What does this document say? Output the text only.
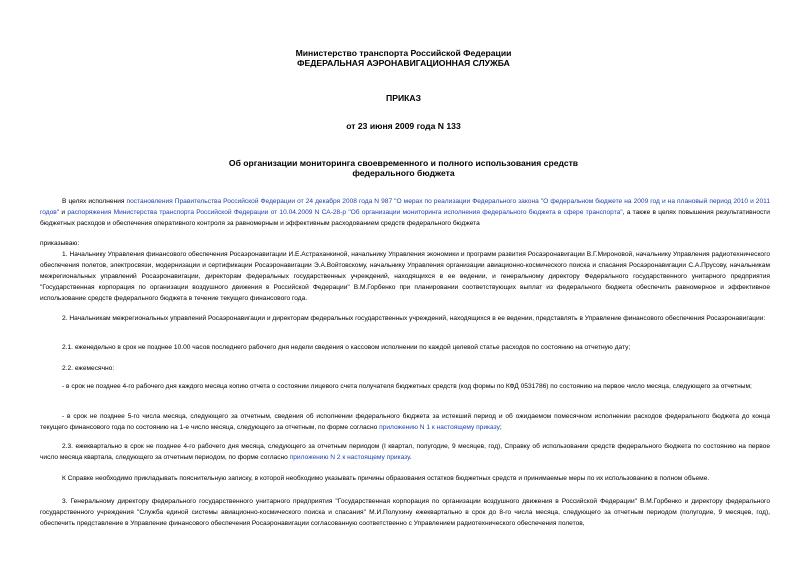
Министерство транспорта Российской Федерации
ФЕДЕРАЛЬНАЯ АЭРОНАВИГАЦИОННАЯ СЛУЖБА
ПРИКАЗ
от 23 июня 2009 года N 133
Об организации мониторинга своевременного и полного использования средств
федерального бюджета
В целях исполнения постановления Правительства Российской Федерации от 24 декабря 2008 года N 987 "О мерах по реализации Федерального закона "О федеральном бюджете на 2009 год и на плановый период 2010 и 2011 годов" и распоряжения Министерства транспорта Российской Федерации от 10.04.2009 N СА-28-р "Об организации мониторинга исполнения федерального бюджета в сфере транспорта", а также в целях повышения результативности бюджетных расходов и обеспечения оперативного контроля за равномерным и эффективным расходованием средств федерального бюджета
приказываю:
1. Начальнику Управления финансового обеспечения Росаэронавигации И.Е.Астраханкиной, начальнику Управления экономики и программ развития Росаэронавигации В.Г.Мироновой, начальнику Управления радиотехнического обеспечения полетов, электросвязи, модернизации и сертификации Росаэронавигации Э.А.Войтовскому, начальнику Управления организации авиационно-космического поиска и спасания Росаэронавигации С.А.Прусову, начальникам межрегиональных управлений Росаэронавигации, директорам федеральных государственных учреждений, находящихся в ее ведении, и генеральному директору Федерального государственного унитарного предприятия "Государственная корпорация по организации воздушного движения в Российской Федерации" В.М.Горбенко при планировании соответствующих выплат из федерального бюджета обеспечить равномерное и эффективное использование средств федерального бюджета в течение текущего финансового года.
2. Начальникам межрегиональных управлений Росаэронавигации и директорам федеральных государственных учреждений, находящихся в ее ведении, представлять в Управление финансового обеспечения Росаэронавигации:
2.1. еженедельно в срок не позднее 10.00 часов последнего рабочего дня недели сведения о кассовом исполнении по каждой целевой статье расходов по состоянию на отчетную дату;
2.2. ежемесячно:
- в срок не позднее 4-го рабочего дня каждого месяца копию отчета о состоянии лицевого счета получателя бюджетных средств (код формы по КФД 0531786) по состоянию на первое число месяца, следующего за отчетным;
- в срок не позднее 5-го числа месяца, следующего за отчетным, сведения об исполнении федерального бюджета за истекший период и об ожидаемом помесячном исполнении расходов федерального бюджета до конца текущего финансового года по состоянию на 1-е число месяца, следующего за отчетным, по форме согласно приложению N 1 к настоящему приказу;
2.3. ежеквартально в срок не позднее 4-го рабочего дня месяца, следующего за отчетным периодом (I квартал, полугодие, 9 месяцев, год), Справку об использовании средств федерального бюджета по состоянию на первое число месяца квартала, следующего за отчетным периодом, по форме согласно приложению N 2 к настоящему приказу.
К Справке необходимо прикладывать пояснительную записку, в которой необходимо указывать причины образования остатков бюджетных средств и принимаемые меры по их использованию в полном объеме.
3. Генеральному директору федерального государственного унитарного предприятия "Государственная корпорация по организации воздушного движения в Российской Федерации" В.М.Горбенко и директору федерального государственного учреждения "Служба единой системы авиационно-космического поиска и спасания" М.И.Полухину ежеквартально в срок до 8-го числа месяца, следующего за отчетным периодом (полугодие, 9 месяцев, год), обеспечить представление в Управление финансового обеспечения Росаэронавигации согласованную соответственно с Управлением радиотехнического обеспечения полетов,
